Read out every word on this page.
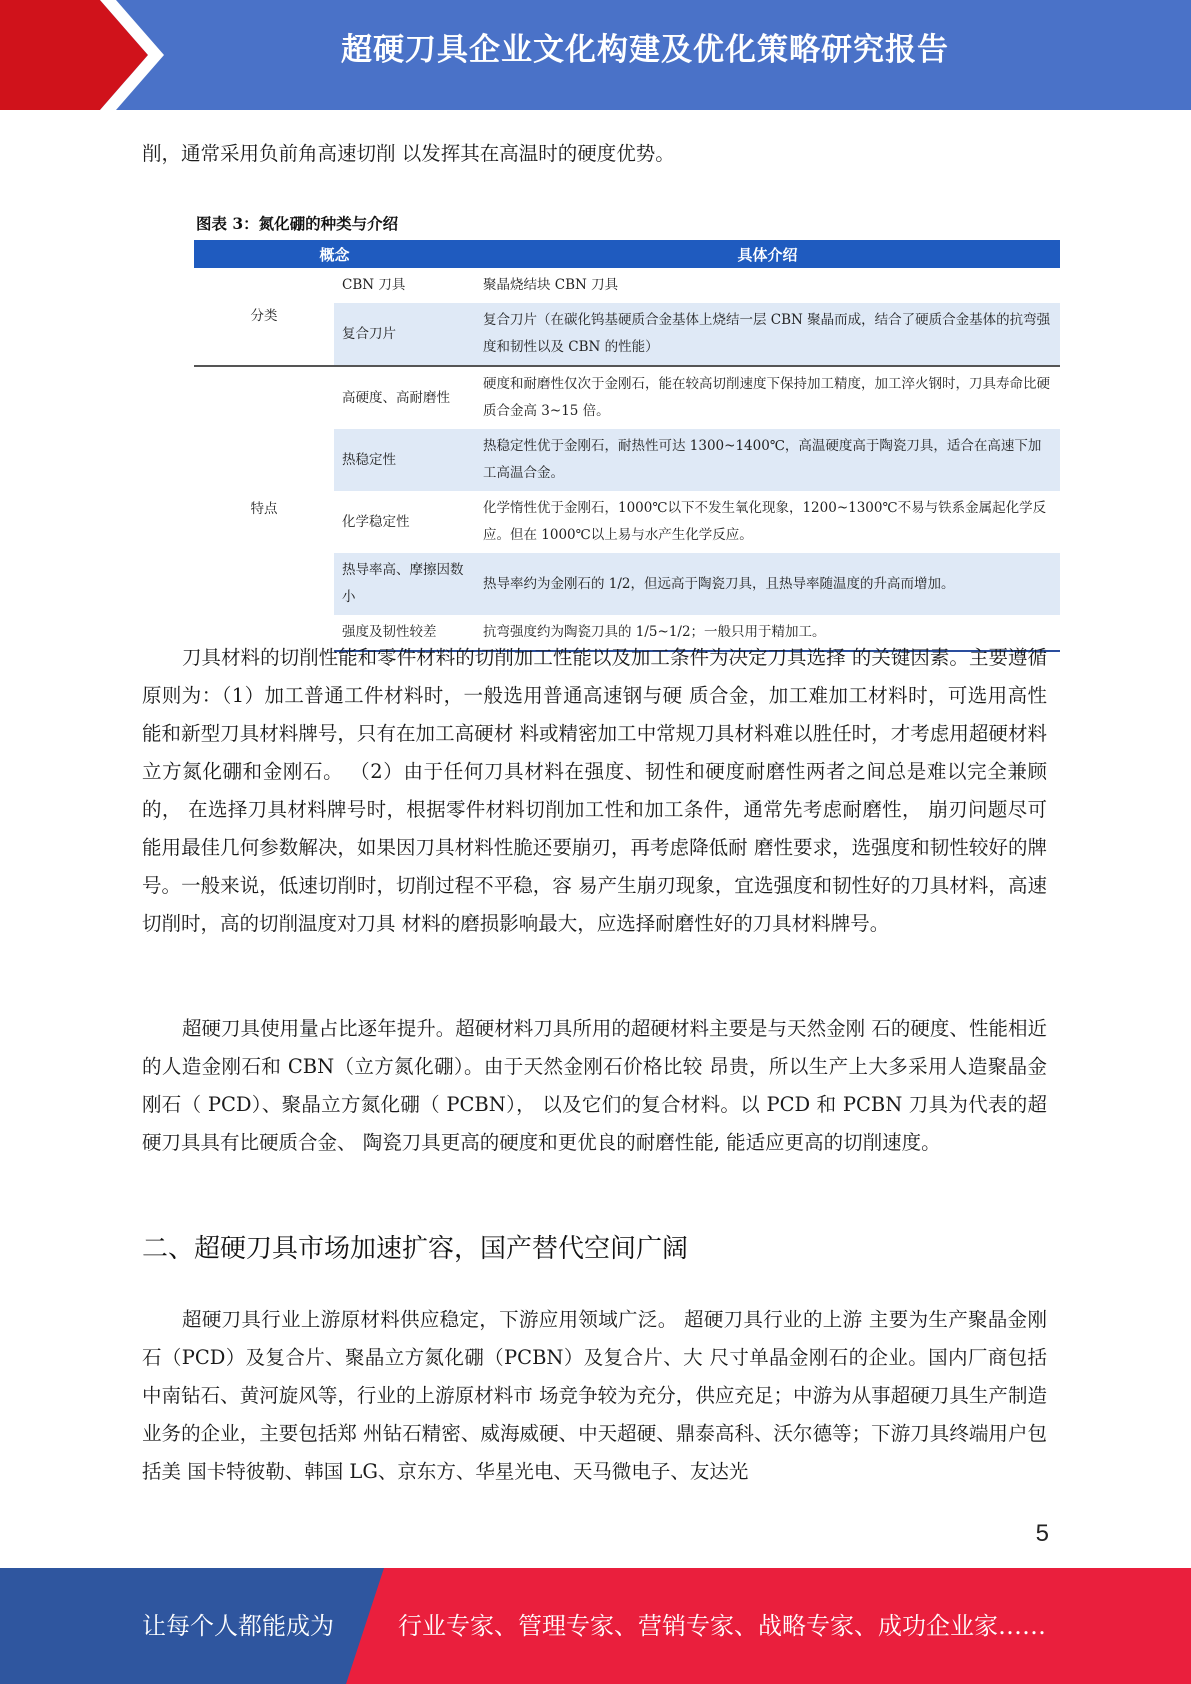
超硬刀具企业文化构建及优化策略研究报告

削，通常采用负前角高速切削 以发挥其在高温时的硬度优势。

图表 3：氮化硼的种类与介绍
概念		具体介绍
分类	CBN 刀具	聚晶烧结块 CBN 刀具
	复合刀片	复合刀片（在碳化钨基硬质合金基体上烧结一层 CBN 聚晶而成，结合了硬质合金基体的抗弯强度和韧性以及 CBN 的性能）
特点	高硬度、高耐磨性	硬度和耐磨性仅次于金刚石，能在较高切削速度下保持加工精度，加工淬火钢时，刀具寿命比硬质合金高 3~15 倍。
	热稳定性	热稳定性优于金刚石，耐热性可达 1300~1400℃，高温硬度高于陶瓷刀具，适合在高速下加工高温合金。
	化学稳定性	化学惰性优于金刚石，1000℃以下不发生氧化现象，1200~1300℃不易与铁系金属起化学反应。但在 1000℃以上易与水产生化学反应。
	热导率高、摩擦因数小	热导率约为金刚石的 1/2，但远高于陶瓷刀具，且热导率随温度的升高而增加。
	强度及韧性较差	抗弯强度约为陶瓷刀具的 1/5~1/2；一般只用于精加工。

刀具材料的切削性能和零件材料的切削加工性能以及加工条件为决定刀具选择 的关键因素。主要遵循原则为：（1）加工普通工件材料时，一般选用普通高速钢与硬 质合金，加工难加工材料时，可选用高性能和新型刀具材料牌号，只有在加工高硬材 料或精密加工中常规刀具材料难以胜任时，才考虑用超硬材料立方氮化硼和金刚石。 （2）由于任何刀具材料在强度、韧性和硬度耐磨性两者之间总是难以完全兼顾的， 在选择刀具材料牌号时，根据零件材料切削加工性和加工条件，通常先考虑耐磨性， 崩刃问题尽可能用最佳几何参数解决，如果因刀具材料性脆还要崩刃，再考虑降低耐 磨性要求，选强度和韧性较好的牌号。一般来说，低速切削时，切削过程不平稳，容 易产生崩刃现象，宜选强度和韧性好的刀具材料，高速切削时，高的切削温度对刀具 材料的磨损影响最大，应选择耐磨性好的刀具材料牌号。

超硬刀具使用量占比逐年提升。超硬材料刀具所用的超硬材料主要是与天然金刚 石的硬度、性能相近的人造金刚石和 CBN（立方氮化硼）。由于天然金刚石价格比较 昂贵，所以生产上大多采用人造聚晶金刚石（ PCD）、聚晶立方氮化硼（ PCBN）， 以及它们的复合材料。以 PCD 和 PCBN 刀具为代表的超硬刀具具有比硬质合金、 陶瓷刀具更高的硬度和更优良的耐磨性能, 能适应更高的切削速度。

二、超硬刀具市场加速扩容，国产替代空间广阔

超硬刀具行业上游原材料供应稳定，下游应用领域广泛。 超硬刀具行业的上游 主要为生产聚晶金刚石（PCD）及复合片、聚晶立方氮化硼（PCBN）及复合片、大 尺寸单晶金刚石的企业。国内厂商包括中南钻石、黄河旋风等，行业的上游原材料市 场竞争较为充分，供应充足；中游为从事超硬刀具生产制造业务的企业，主要包括郑 州钻石精密、威海威硬、中天超硬、鼎泰高科、沃尔德等；下游刀具终端用户包括美 国卡特彼勒、韩国 LG、京东方、华星光电、天马微电子、友达光

5
让每个人都能成为	行业专家、管理专家、营销专家、战略专家、成功企业家……
